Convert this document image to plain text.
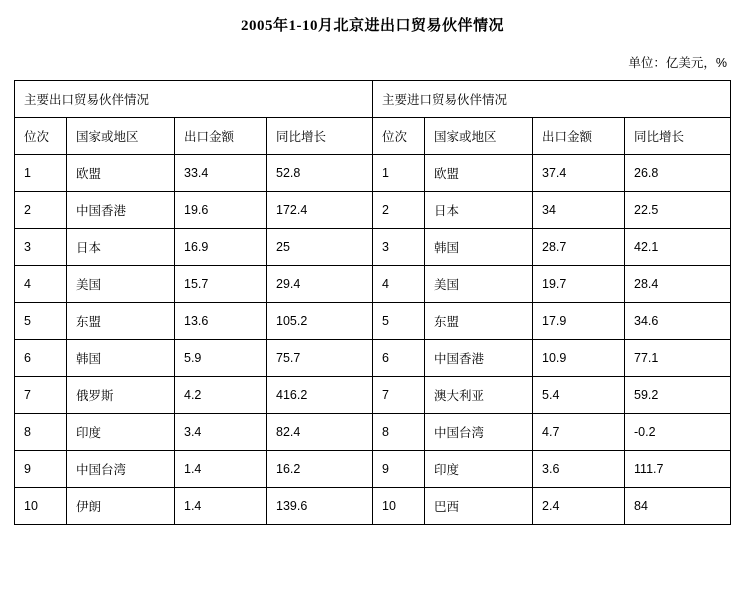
2005年1-10月北京进出口贸易伙伴情况
单位：亿美元，%
主要出口贸易伙伴情况				主要进口贸易伙伴情况			
位次	国家或地区	出口金额	同比增长	位次	国家或地区	出口金额	同比增长
1	欧盟	33.4	52.8	1	欧盟	37.4	26.8
2	中国香港	19.6	172.4	2	日本	34	22.5
3	日本	16.9	25	3	韩国	28.7	42.1
4	美国	15.7	29.4	4	美国	19.7	28.4
5	东盟	13.6	105.2	5	东盟	17.9	34.6
6	韩国	5.9	75.7	6	中国香港	10.9	77.1
7	俄罗斯	4.2	416.2	7	澳大利亚	5.4	59.2
8	印度	3.4	82.4	8	中国台湾	4.7	-0.2
9	中国台湾	1.4	16.2	9	印度	3.6	111.7
10	伊朗	1.4	139.6	10	巴西	2.4	84
